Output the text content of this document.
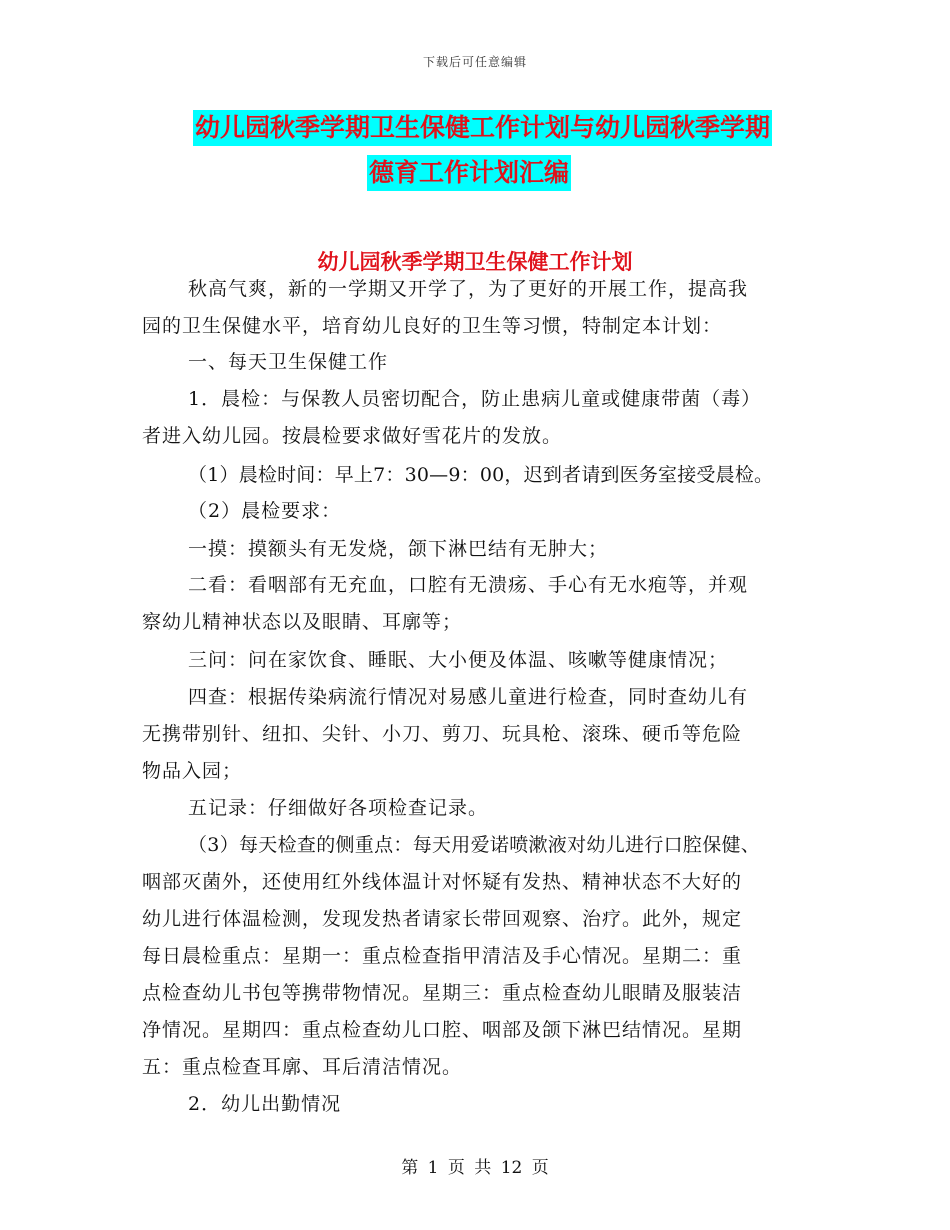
下载后可任意编辑
幼儿园秋季学期卫生保健工作计划与幼儿园秋季学期
德育工作计划汇编
幼儿园秋季学期卫生保健工作计划
秋高气爽，新的一学期又开学了，为了更好的开展工作，提高我
园的卫生保健水平，培育幼儿良好的卫生等习惯，特制定本计划：
一、每天卫生保健工作
1．晨检：与保教人员密切配合，防止患病儿童或健康带菌（毒）
者进入幼儿园。按晨检要求做好雪花片的发放。
（1）晨检时间：早上7：30—9：00，迟到者请到医务室接受晨检。
（2）晨检要求：
一摸：摸额头有无发烧，颌下淋巴结有无肿大；
二看：看咽部有无充血，口腔有无溃疡、手心有无水疱等，并观
察幼儿精神状态以及眼睛、耳廓等；
三问：问在家饮食、睡眠、大小便及体温、咳嗽等健康情况；
四查：根据传染病流行情况对易感儿童进行检查，同时查幼儿有
无携带别针、纽扣、尖针、小刀、剪刀、玩具枪、滚珠、硬币等危险
物品入园；
五记录：仔细做好各项检查记录。
（3）每天检查的侧重点：每天用爱诺喷漱液对幼儿进行口腔保健、
咽部灭菌外，还使用红外线体温计对怀疑有发热、精神状态不大好的
幼儿进行体温检测，发现发热者请家长带回观察、治疗。此外，规定
每日晨检重点：星期一：重点检查指甲清洁及手心情况。星期二：重
点检查幼儿书包等携带物情况。星期三：重点检查幼儿眼睛及服装洁
净情况。星期四：重点检查幼儿口腔、咽部及颌下淋巴结情况。星期
五：重点检查耳廓、耳后清洁情况。
2．幼儿出勤情况
第 1 页 共 12 页
